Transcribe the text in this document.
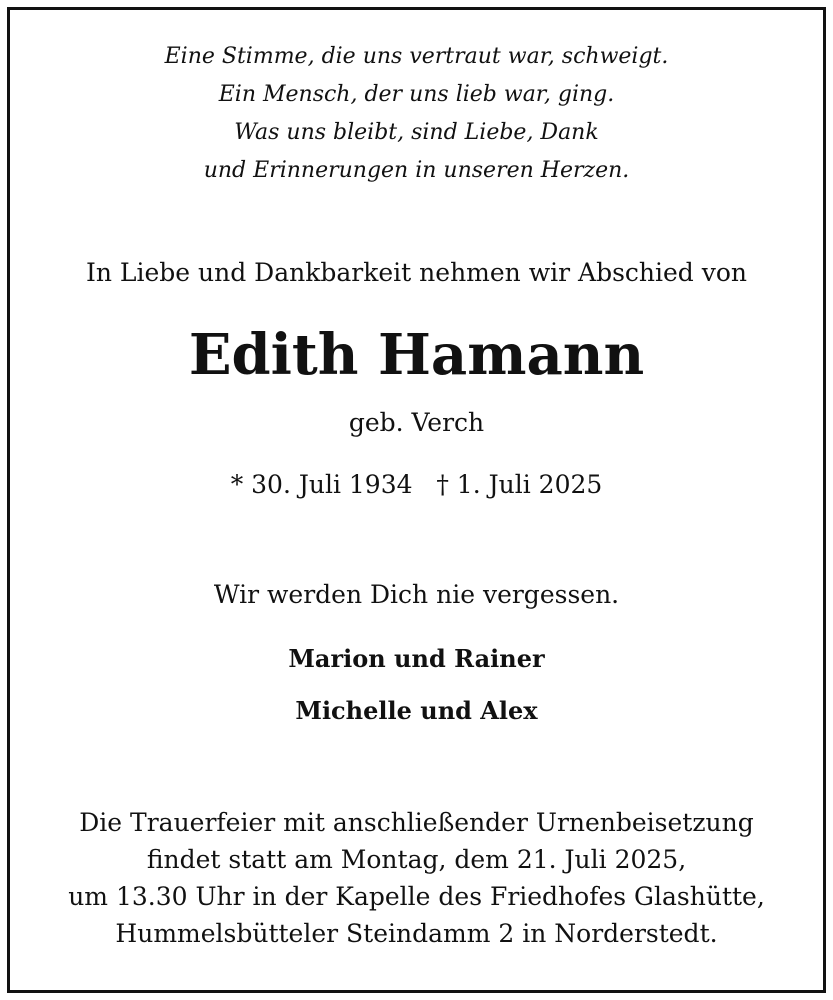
Eine Stimme, die uns vertraut war, schweigt.
Ein Mensch, der uns lieb war, ging.
Was uns bleibt, sind Liebe, Dank
und Erinnerungen in unseren Herzen.
In Liebe und Dankbarkeit nehmen wir Abschied von
Edith Hamann
geb. Verch
* 30. Juli 1934   † 1. Juli 2025
Wir werden Dich nie vergessen.
Marion und Rainer
Michelle und Alex
Die Trauerfeier mit anschließender Urnenbeisetzung
findet statt am Montag, dem 21. Juli 2025,
um 13.30 Uhr in der Kapelle des Friedhofes Glashütte,
Hummelsbütteler Steindamm 2 in Norderstedt.
